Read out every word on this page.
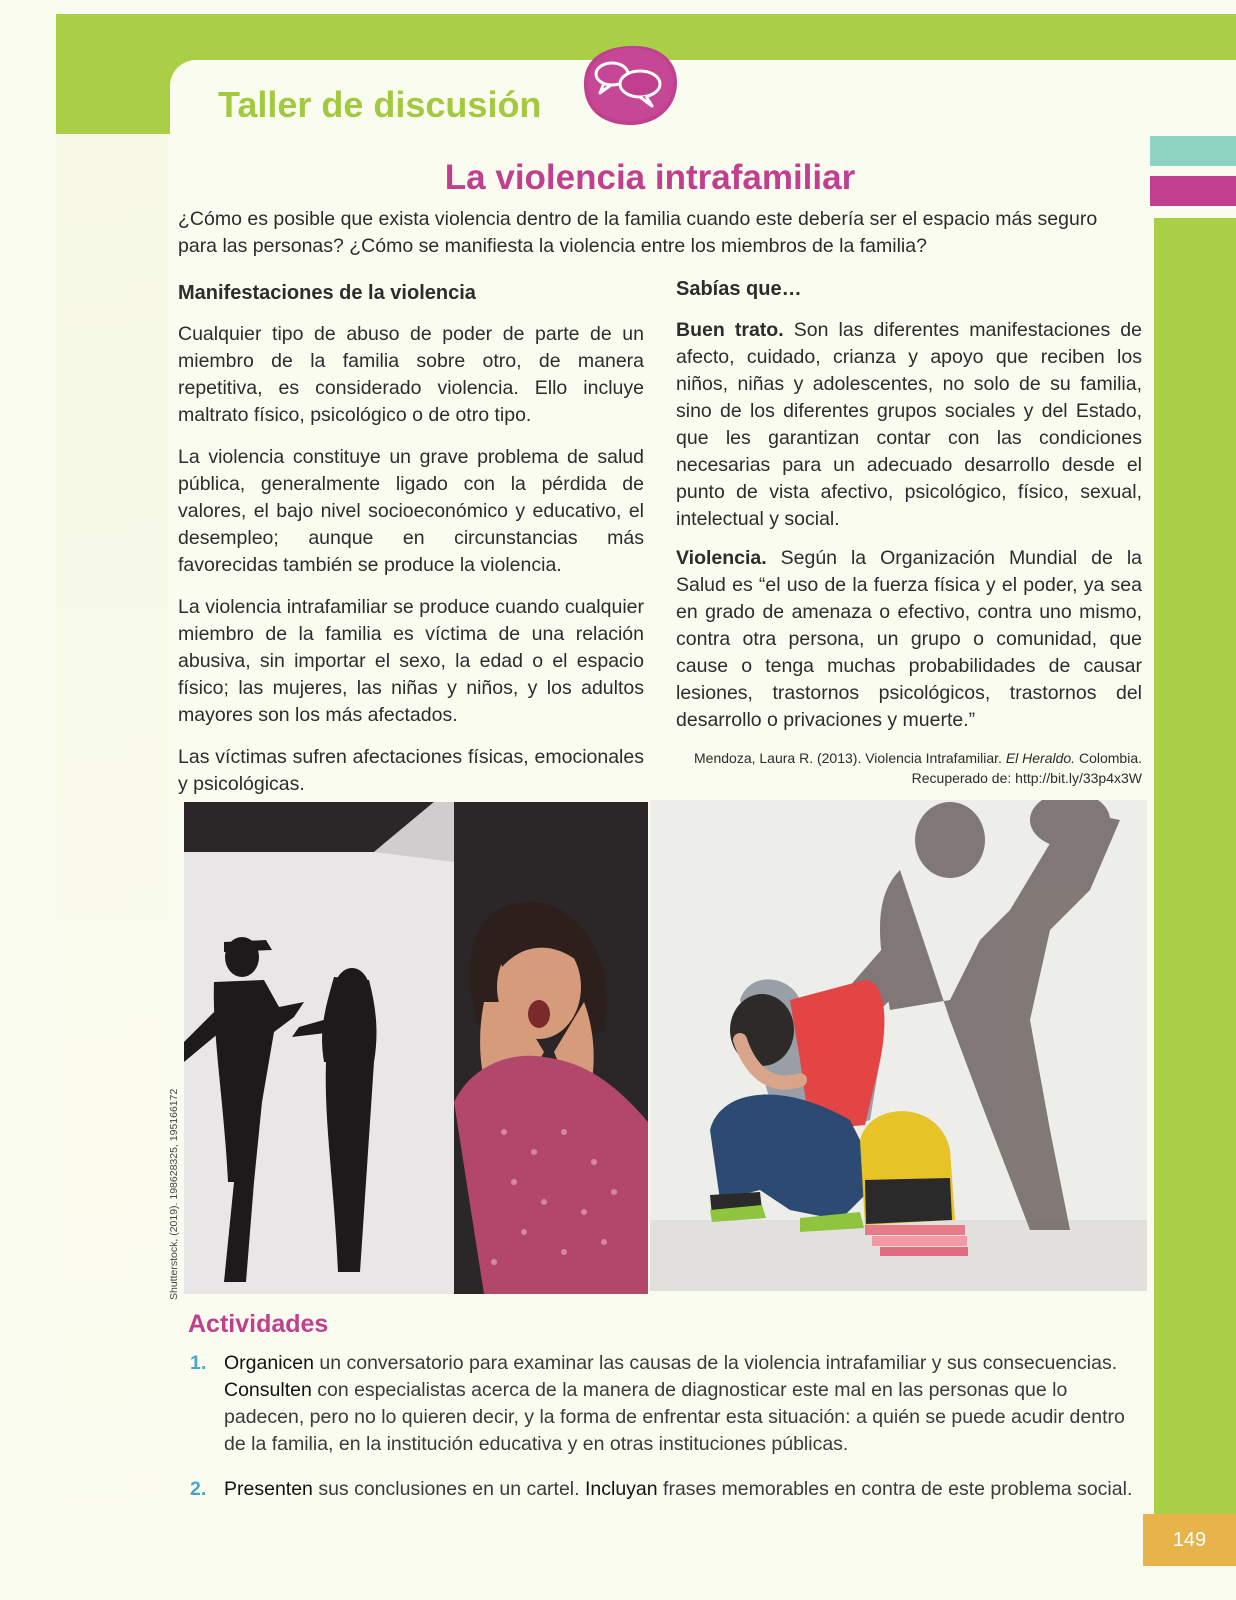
Taller de discusión
La violencia intrafamiliar

¿Cómo es posible que exista violencia dentro de la familia cuando este debería ser el espacio más seguro para las personas? ¿Cómo se manifiesta la violencia entre los miembros de la familia?

Manifestaciones de la violencia

Cualquier tipo de abuso de poder de parte de un miembro de la familia sobre otro, de manera repetitiva, es considerado violencia. Ello incluye maltrato físico, psicológico o de otro tipo.

La violencia constituye un grave problema de salud pública, generalmente ligado con la pérdida de valores, el bajo nivel socioeconómico y educativo, el desempleo; aunque en circunstancias más favorecidas también se produce la violencia.

La violencia intrafamiliar se produce cuando cualquier miembro de la familia es víctima de una relación abusiva, sin importar el sexo, la edad o el espacio físico; las mujeres, las niñas y niños, y los adultos mayores son los más afectados.

Las víctimas sufren afectaciones físicas, emocionales y psicológicas.

Sabías que…

Buen trato. Son las diferentes manifestaciones de afecto, cuidado, crianza y apoyo que reciben los niños, niñas y adolescentes, no solo de su familia, sino de los diferentes grupos sociales y del Estado, que les garantizan contar con las condiciones necesarias para un adecuado desarrollo desde el punto de vista afectivo, psicológico, físico, sexual, intelectual y social.

Violencia. Según la Organización Mundial de la Salud es “el uso de la fuerza física y el poder, ya sea en grado de amenaza o efectivo, contra uno mismo, contra otra persona, un grupo o comunidad, que cause o tenga muchas probabilidades de causar lesiones, trastornos psicológicos, trastornos del desarrollo o privaciones y muerte.”

Mendoza, Laura R. (2013). Violencia Intrafamiliar. El Heraldo. Colombia.
Recuperado de: http://bit.ly/33p4x3W
Shutterstock, (2019). 198628325, 195166172
Actividades
1. Organicen un conversatorio para examinar las causas de la violencia intrafamiliar y sus consecuencias. Consulten con especialistas acerca de la manera de diagnosticar este mal en las personas que lo padecen, pero no lo quieren decir, y la forma de enfrentar esta situación: a quién se puede acudir dentro de la familia, en la institución educativa y en otras instituciones públicas.
2. Presenten sus conclusiones en un cartel. Incluyan frases memorables en contra de este problema social.
149
